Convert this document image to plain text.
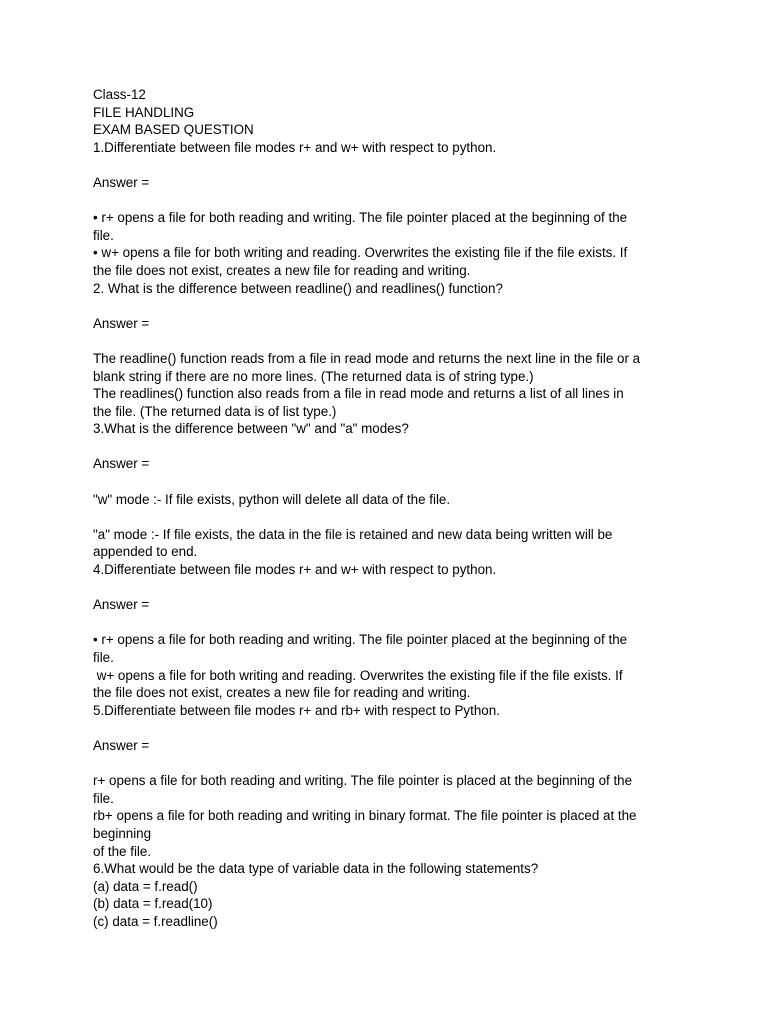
Class-12

FILE HANDLING

EXAM BASED QUESTION

1.Differentiate between file modes r+ and w+ with respect to python.

Answer =

• r+ opens a file for both reading and writing. The file pointer placed at the beginning of the

file.

• w+ opens a file for both writing and reading. Overwrites the existing file if the file exists. If

the file does not exist, creates a new file for reading and writing.

2. What is the difference between readline() and readlines() function?

Answer =

The readline() function reads from a file in read mode and returns the next line in the file or a

blank string if there are no more lines. (The returned data is of string type.)

The readlines() function also reads from a file in read mode and returns a list of all lines in

the file. (The returned data is of list type.)

3.What is the difference between "w" and "a" modes?

Answer =

"w" mode :- If file exists, python will delete all data of the file.

"a" mode :- If file exists, the data in the file is retained and new data being written will be

appended to end.

4.Differentiate between file modes r+ and w+ with respect to python.

Answer =

• r+ opens a file for both reading and writing. The file pointer placed at the beginning of the

file.

w+ opens a file for both writing and reading. Overwrites the existing file if the file exists. If

the file does not exist, creates a new file for reading and writing.

5.Differentiate between file modes r+ and rb+ with respect to Python.

Answer =

r+ opens a file for both reading and writing. The file pointer is placed at the beginning of the

file.

rb+ opens a file for both reading and writing in binary format. The file pointer is placed at the

beginning

of the file.

6.What would be the data type of variable data in the following statements?

(a) data = f.read()

(b) data = f.read(10)

(c) data = f.readline()
